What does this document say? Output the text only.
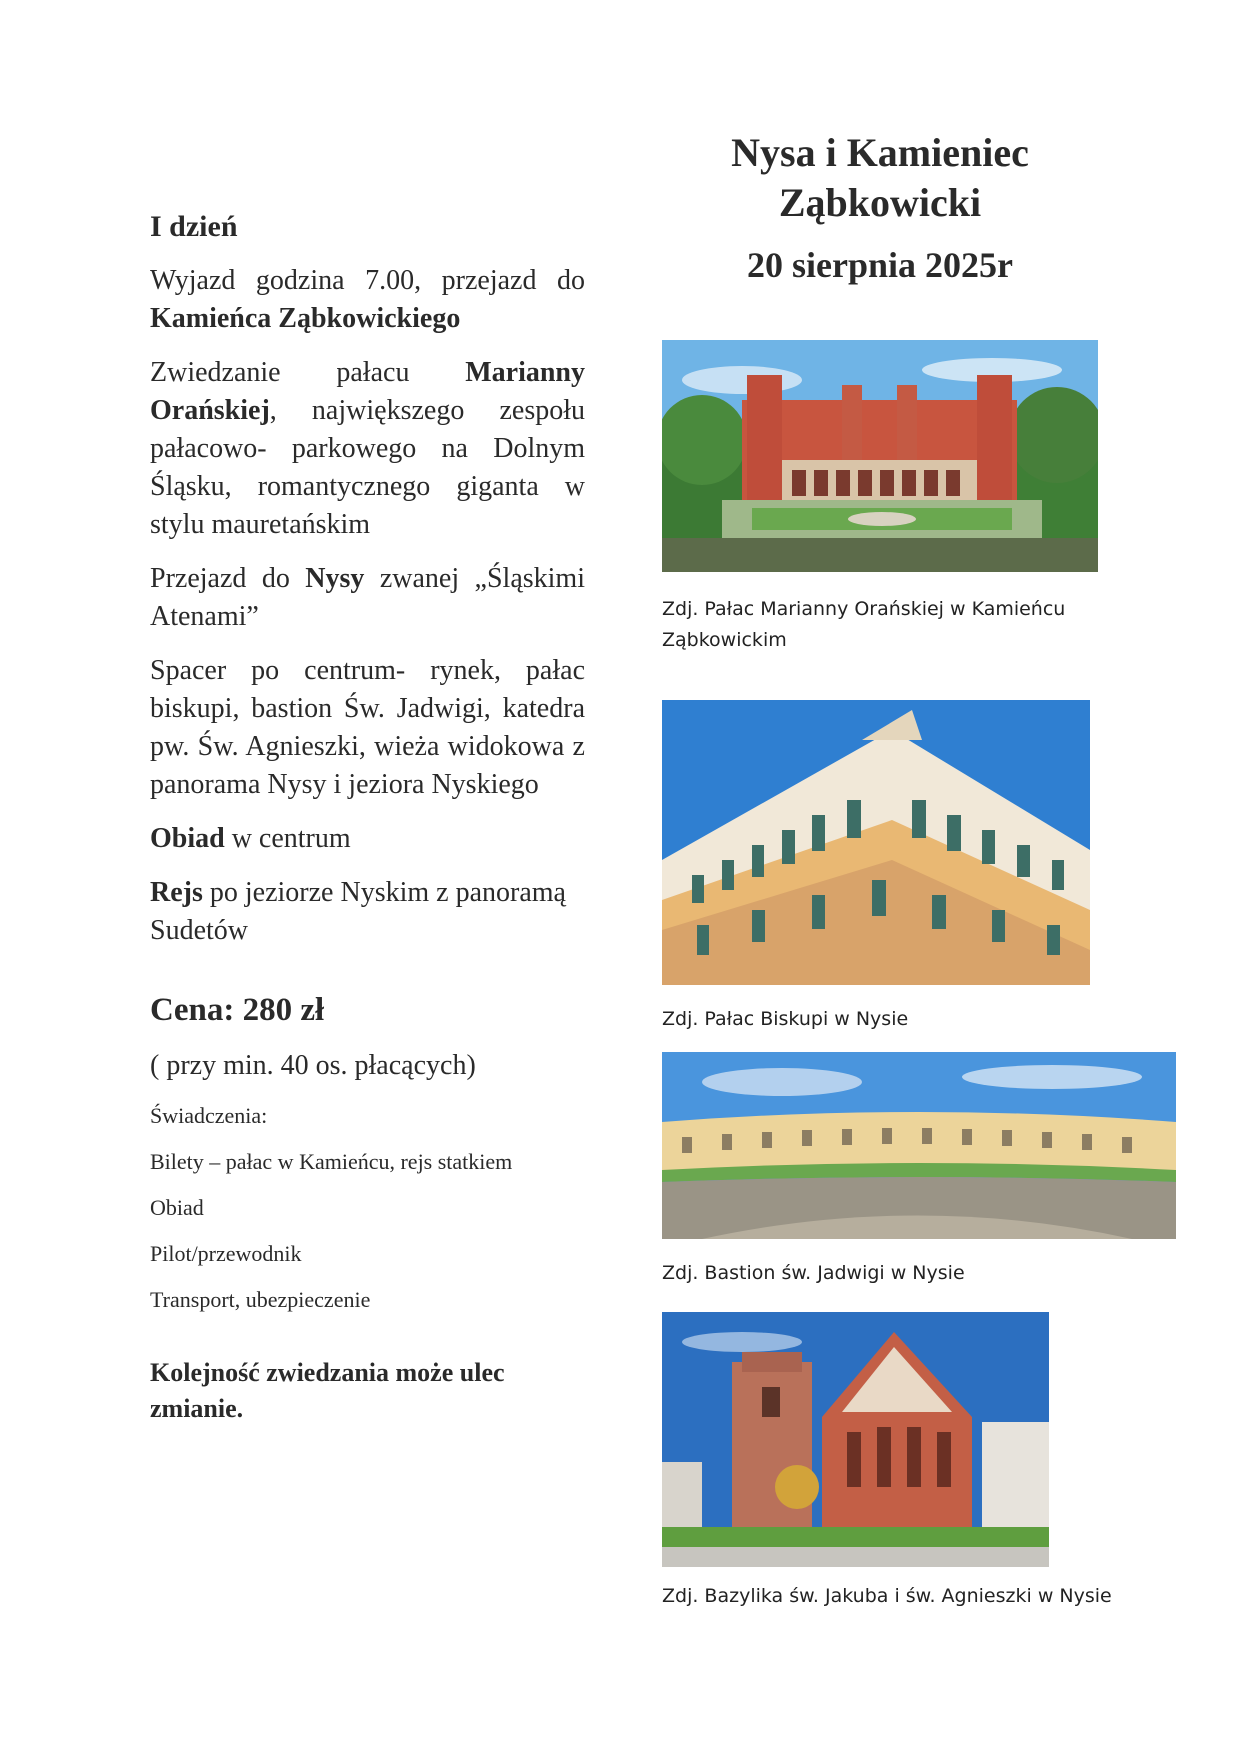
I dzień

Wyjazd godzina 7.00, przejazd do Kamieńca Ząbkowickiego

Zwiedzanie pałacu Marianny Orańskiej, największego zespołu pałacowo- parkowego na Dolnym Śląsku, romantycznego giganta w stylu mauretańskim

Przejazd do Nysy zwanej „Śląskimi Atenami”

Spacer po centrum- rynek, pałac biskupi, bastion Św. Jadwigi, katedra pw. Św. Agnieszki, wieża widokowa z panorama Nysy i jeziora Nyskiego

Obiad w centrum

Rejs po jeziorze Nyskim z panoramą Sudetów

Cena: 280 zł

( przy min. 40 os. płacących)

Świadczenia:

Bilety – pałac w Kamieńcu, rejs statkiem

Obiad

Pilot/przewodnik

Transport, ubezpieczenie

Kolejność zwiedzania może ulec zmianie.
Nysa i Kamieniec
Ząbkowicki
20 sierpnia 2025r
Zdj. Pałac Marianny Orańskiej w Kamieńcu Ząbkowickim
Zdj. Pałac Biskupi w Nysie
Zdj. Bastion św. Jadwigi w Nysie
Zdj. Bazylika św. Jakuba i św. Agnieszki w Nysie
